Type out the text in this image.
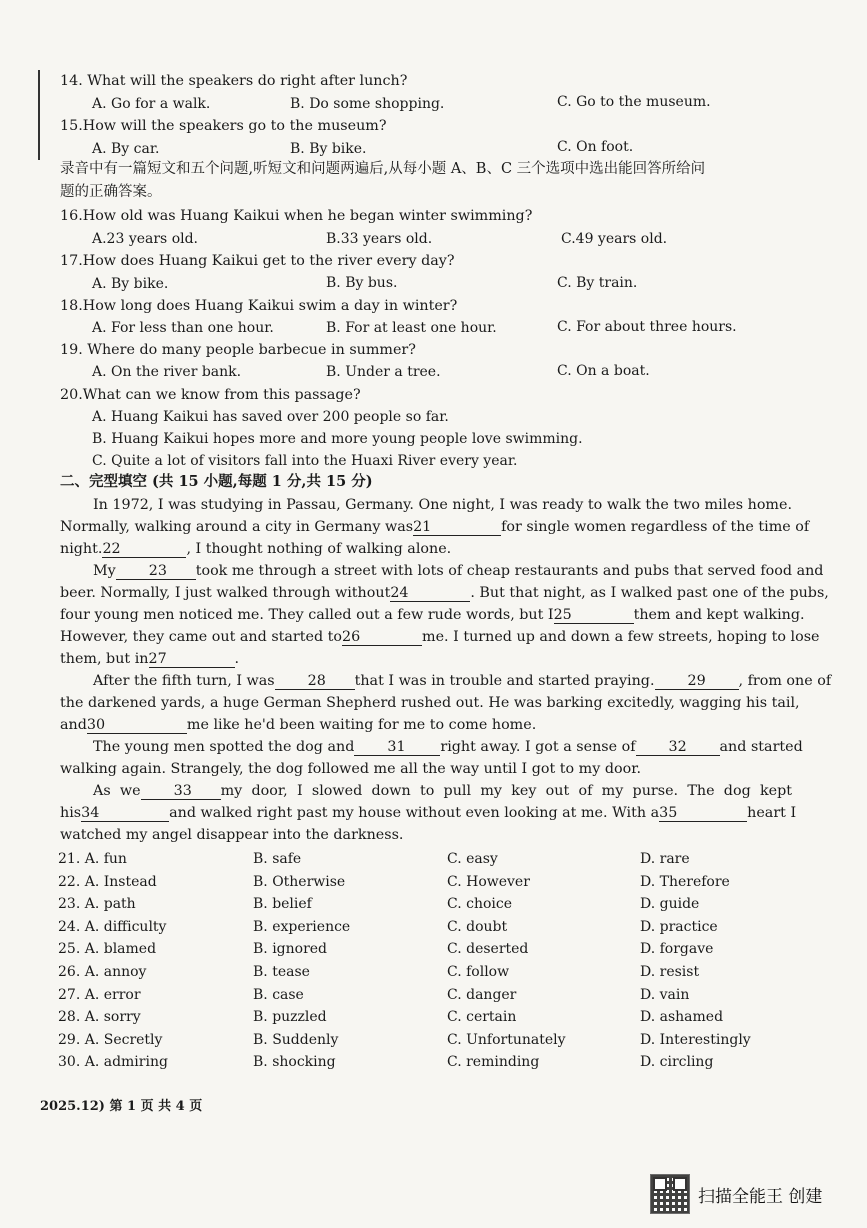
14. What will the speakers do right after lunch?
A. Go for a walk.	B. Do some shopping.	C. Go to the museum.
15.How will the speakers go to the museum?
A. By car.	B. By bike.	C. On foot.
录音中有一篇短文和五个问题,听短文和问题两遍后,从每小题 A、B、C 三个选项中选出能回答所给问
题的正确答案。
16.How old was Huang Kaikui when he began winter swimming?
A.23 years old.	B.33 years old.	C.49 years old.
17.How does Huang Kaikui get to the river every day?
A. By bike.	B. By bus.	C. By train.
18.How long does Huang Kaikui swim a day in winter?
A. For less than one hour.	B. For at least one hour.	C. For about three hours.
19. Where do many people barbecue in summer?
A. On the river bank.	B. Under a tree.	C. On a boat.
20.What can we know from this passage?
A. Huang Kaikui has saved over 200 people so far.
B. Huang Kaikui hopes more and more young people love swimming.
C. Quite a lot of visitors fall into the Huaxi River every year.
二、完型填空 (共 15 小题,每题 1 分,共 15 分)
In 1972, I was studying in Passau, Germany. One night, I was ready to walk the two miles home.
Normally, walking around a city in Germany was21	for single women regardless of the time of
night.22	, I thought nothing of walking alone.
My 23 took me through a street with lots of cheap restaurants and pubs that served food and
beer. Normally, I just walked through without24	. But that night, as I walked past one of the pubs,
four young men noticed me. They called out a few rude words, but I25	them and kept walking.
However, they came out and started to26	me. I turned up and down a few streets, hoping to lose
them, but in27	.
After the fifth turn, I was 28 that I was in trouble and started praying. 29 , from one of
the darkened yards, a huge German Shepherd rushed out. He was barking excitedly, wagging his tail,
and30	me like he'd been waiting for me to come home.
The young men spotted the dog and 31 right away. I got a sense of 32 and started
walking again. Strangely, the dog followed me all the way until I got to my door.
As we 33 my door, I slowed down to pull my key out of my purse. The dog kept
his34	and walked right past my house without even looking at me. With a35	heart I
watched my angel disappear into the darkness.
21. A. fun	B. safe	C. easy	D. rare
22. A. Instead	B. Otherwise	C. However	D. Therefore
23. A. path	B. belief	C. choice	D. guide
24. A. difficulty	B. experience	C. doubt	D. practice
25. A. blamed	B. ignored	C. deserted	D. forgave
26. A. annoy	B. tease	C. follow	D. resist
27. A. error	B. case	C. danger	D. vain
28. A. sorry	B. puzzled	C. certain	D. ashamed
29. A. Secretly	B. Suddenly	C. Unfortunately	D. Interestingly
30. A. admiring	B. shocking	C. reminding	D. circling
2025.12) 第 1 页 共 4 页
扫描全能王 创建
